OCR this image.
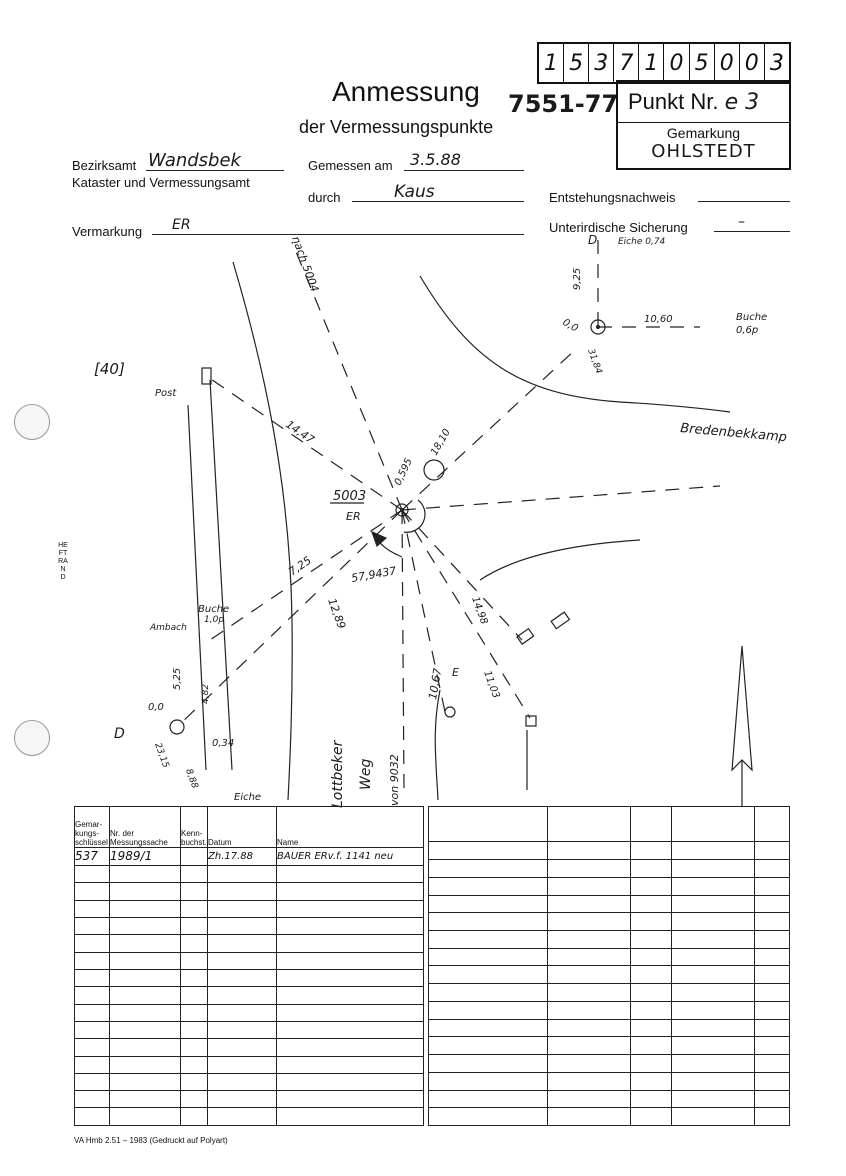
HEFTRAND
1 5 3 7 1 0 5 0 0 3
Punkt Nr.
e 3
Gemarkung
OHLSTEDT
Anmessung
der Vermessungspunkte
7551-77
Bezirksamt Wandsbek
Kataster und Vermessungsamt
Gemessen am 3.5.88
durch	Kaus	Entstehungsnachweis
Vermarkung ER	Unterirdische Sicherung	–
[40]
Post
Bredenbekkamp
Lottbeker Weg von 9032
nach 5004
5003
ER
57,9437
Eiche 0,74
D
Buche
0,6p
Buche
1,0p
Ambach
Eiche
D
E
14,47
0,595
18,10
7,25
12,89
10,67
14,98
11,03
10,60
9,25
31,84
0,0
0,0
5,25
4,82
0,34
23,15
8,88
Gemar-kungs-schlüssel	Nr. der Messungssache	Kenn-buchst.	Datum	Name
537	1989/1		Zh.17.88	BAUER ERv.f. 1141 neu

VA Hmb 2.51 – 1983 (Gedruckt auf Polyart)
